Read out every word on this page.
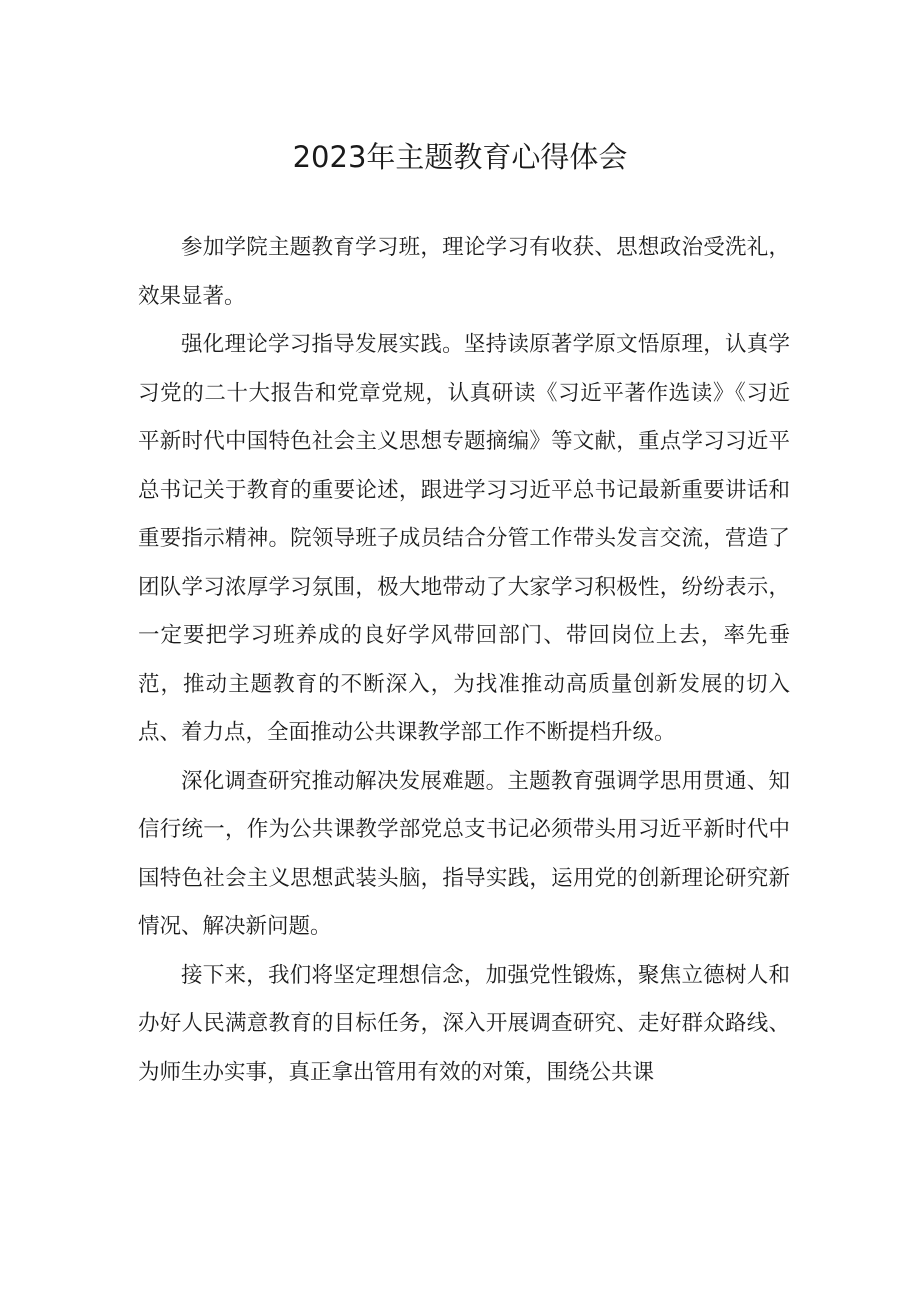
2023年主题教育心得体会

参加学院主题教育学习班，理论学习有收获、思想政治受洗礼，效果显著。

强化理论学习指导发展实践。坚持读原著学原文悟原理，认真学习党的二十大报告和党章党规，认真研读《习近平著作选读》《习近平新时代中国特色社会主义思想专题摘编》等文献，重点学习习近平总书记关于教育的重要论述，跟进学习习近平总书记最新重要讲话和重要指示精神。院领导班子成员结合分管工作带头发言交流，营造了团队学习浓厚学习氛围，极大地带动了大家学习积极性，纷纷表示，一定要把学习班养成的良好学风带回部门、带回岗位上去，率先垂范，推动主题教育的不断深入，为找准推动高质量创新发展的切入点、着力点，全面推动公共课教学部工作不断提档升级。

深化调查研究推动解决发展难题。主题教育强调学思用贯通、知信行统一，作为公共课教学部党总支书记必须带头用习近平新时代中国特色社会主义思想武装头脑，指导实践，运用党的创新理论研究新情况、解决新问题。

接下来，我们将坚定理想信念，加强党性锻炼，聚焦立德树人和办好人民满意教育的目标任务，深入开展调查研究、走好群众路线、为师生办实事，真正拿出管用有效的对策，围绕公共课
